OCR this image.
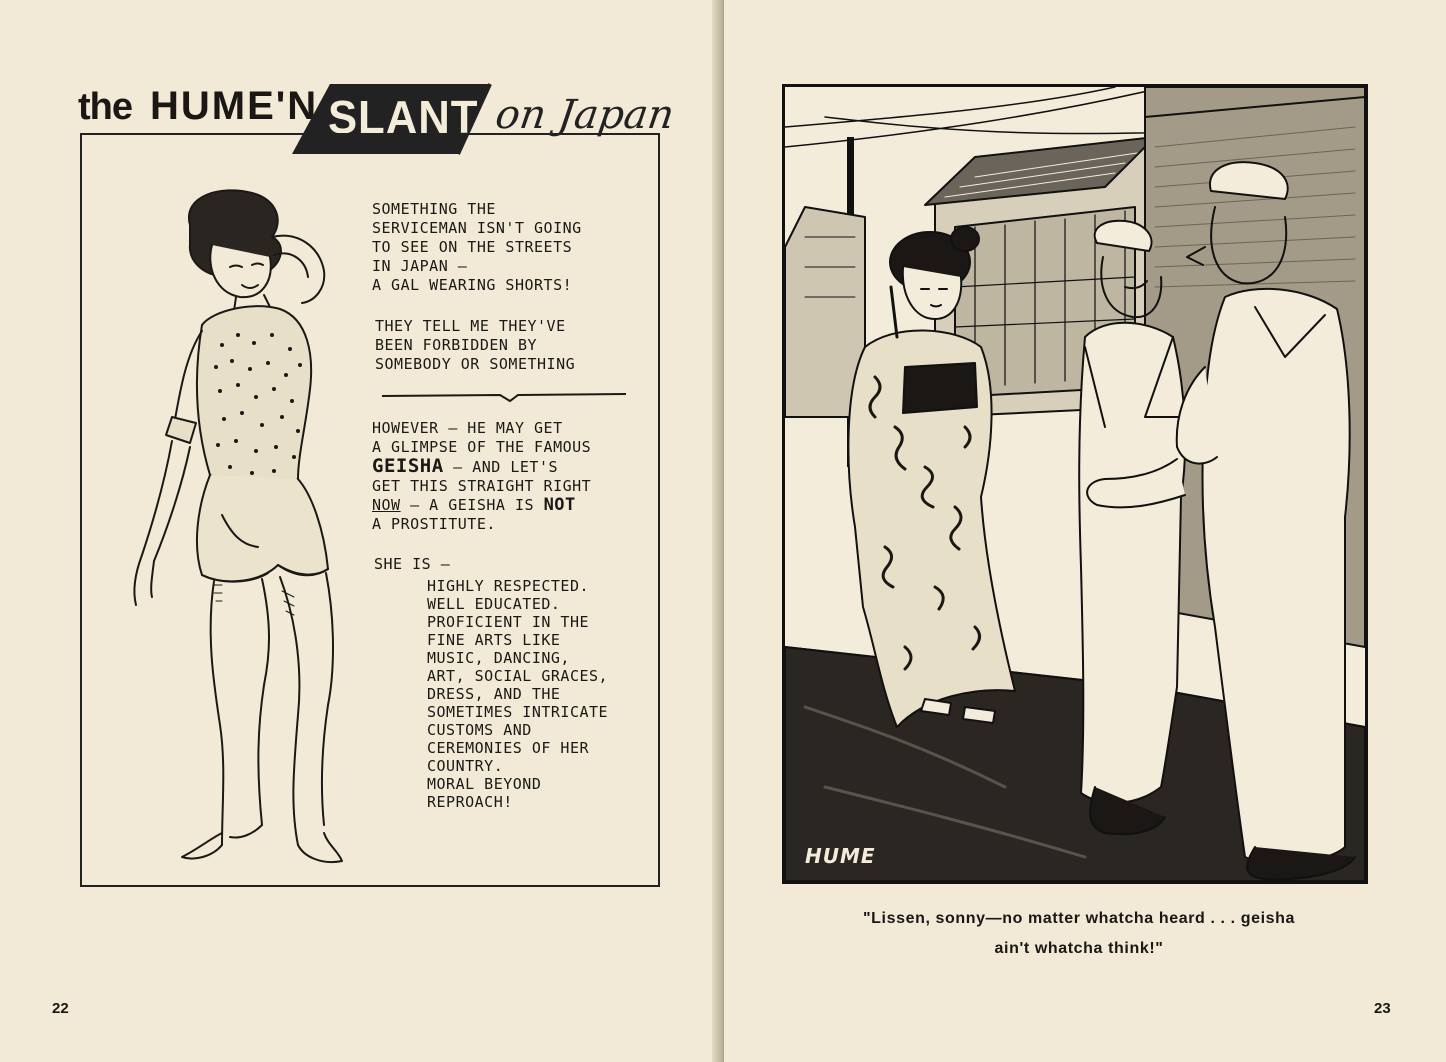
the HUME'N SLANT on Japan
SOMETHING THE
SERVICEMAN ISN'T GOING
TO SEE ON THE STREETS
IN JAPAN —
A GAL WEARING SHORTS!
THEY TELL ME THEY'VE
BEEN FORBIDDEN BY
SOMEBODY OR SOMETHING
HOWEVER — HE MAY GET
A GLIMPSE OF THE FAMOUS
GEISHA — AND LET'S
GET THIS STRAIGHT RIGHT
NOW — A GEISHA IS NOT
A PROSTITUTE.
SHE IS —
HIGHLY RESPECTED.
WELL EDUCATED.
PROFICIENT IN THE
FINE ARTS LIKE
MUSIC, DANCING,
ART, SOCIAL GRACES,
DRESS, AND THE
SOMETIMES INTRICATE
CUSTOMS AND
CEREMONIES OF HER
COUNTRY.
MORAL BEYOND
REPROACH!
22
HUME
"Lissen, sonny—no matter whatcha heard . . . geisha
ain't whatcha think!"
23
